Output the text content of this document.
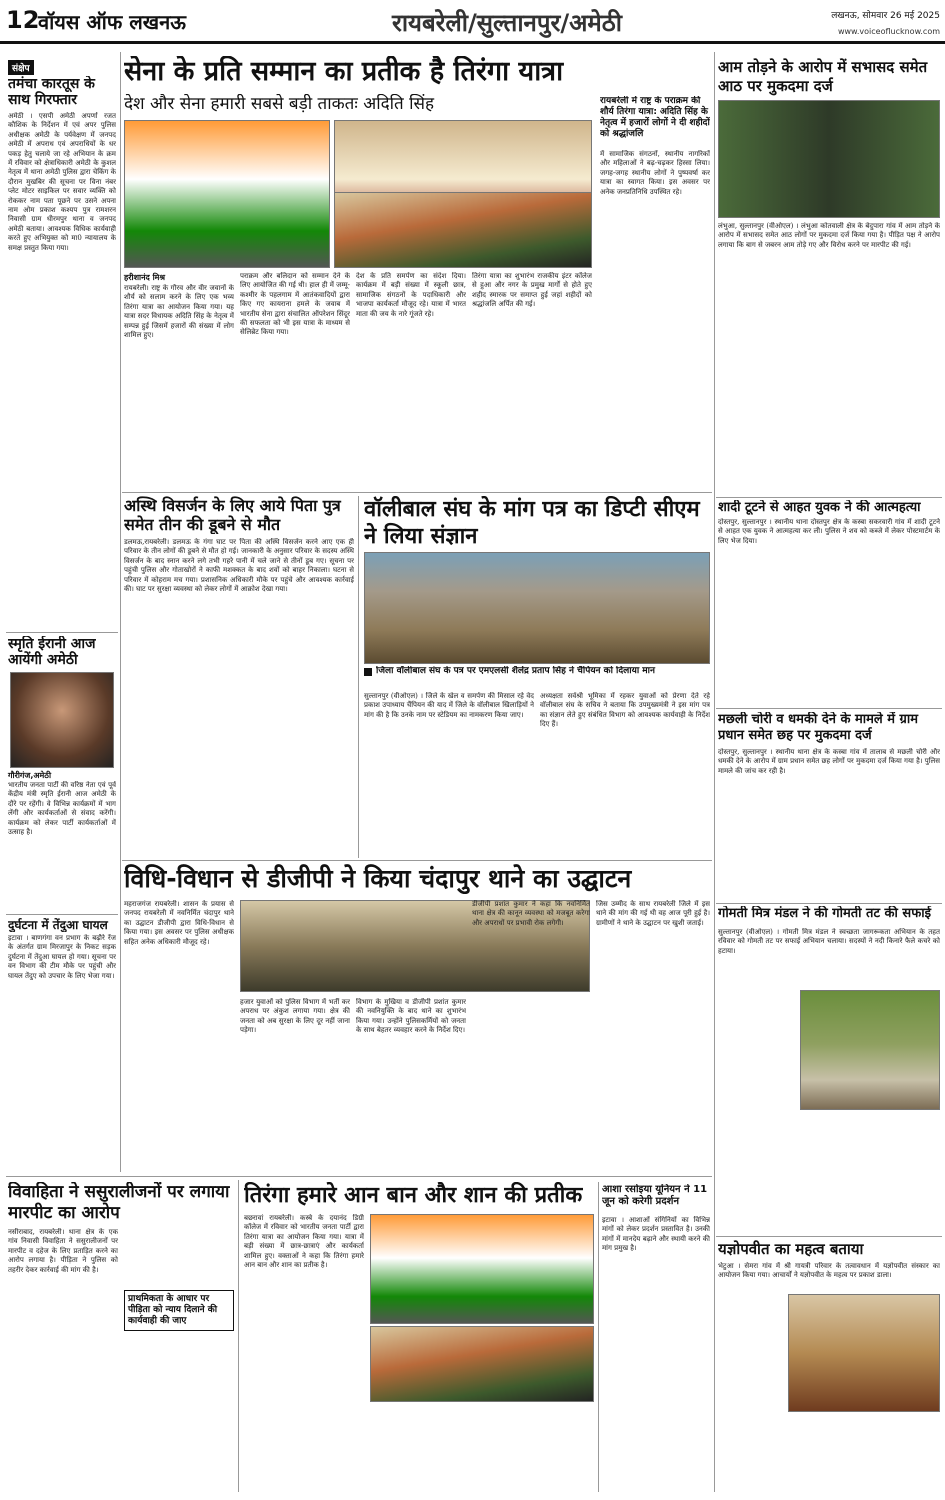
12
वॉयस ऑफ लखनऊ	रायबरेली/सुल्तानपुर/अमेठी	लखनऊ, सोमवार 26 मई 2025
www.voiceoflucknow.com
संक्षेप
तमंचा कारतूस के साथ गिरफ्तार
अमेठी । एसपी अमेठी अपर्णा रजत कौशिक के निर्देशन में एवं अपर पुलिस अधीक्षक अमेठी के पर्यवेक्षण में जनपद अमेठी में अपराध एवं अपराधियों के धर पकड़ हेतु चलाये जा रहे अभियान के क्रम में रविवार को क्षेत्राधिकारी अमेठी के कुशल नेतृत्व में थाना अमेठी पुलिस द्वारा चेकिंग के दौरान मुखबिर की सूचना पर विना नंबर प्लेट मोटर साइकिल पर सवार व्यक्ति को रोककर नाम पता पूछने पर उसने अपना नाम ओम प्रकाश कश्यप पुत्र रामशरन निवासी ग्राम धीरमपुर थाना व जनपद अमेठी बताया। आवश्यक विधिक कार्यवाही करते हुए अभियुक्त को मा0 न्यायालय के समक्ष प्रस्तुत किया गया।
स्मृति ईरानी आज आयेंगी अमेठी
गौरीगंज,अमेठी
भारतीय जनता पार्टी की वरिष्ठ नेता एवं पूर्व केंद्रीय मंत्री स्मृति ईरानी आज अमेठी के दौरे पर रहेंगी। वे विभिन्न कार्यक्रमों में भाग लेंगी और कार्यकर्ताओं से संवाद करेंगी। कार्यक्रम को लेकर पार्टी कार्यकर्ताओं में उत्साह है।
दुर्घटना में तेंदुआ घायल
इटावा । बाणगंगा वन प्रभाग के बढ़ौरे रेंज के अंतर्गत ग्राम मिरजापुर के निकट सड़क दुर्घटना में तेंदुआ घायल हो गया। सूचना पर वन विभाग की टीम मौके पर पहुंची और घायल तेंदुए को उपचार के लिए भेजा गया।
सेना के प्रति सम्मान का प्रतीक है तिरंगा यात्रा
देश और सेना हमारी सबसे बड़ी ताकतः अदिति सिंह	रायबरेली में राष्ट्र के पराक्रम की शौर्य तिरंगा यात्रा: अदिति सिंह के नेतृत्व में हजारों लोगों ने दी शहीदों को श्रद्धांजलि
हरीशानंद मिश्र
रायबरेली। राष्ट्र के गौरव और वीर जवानों के शौर्य को सलाम करने के लिए एक भव्य तिरंगा यात्रा का आयोजन किया गया। यह यात्रा सदर विधायक अदिति सिंह के नेतृत्व में सम्पन्न हुई जिसमें हजारों की संख्या में लोग शामिल हुए।
पराक्रम और बलिदान को सम्मान देने के लिए आयोजित की गई थी। हाल ही में जम्मू-कश्मीर के पहलगाम में आतंकवादियों द्वारा किए गए कायराना हमले के जवाब में भारतीय सेना द्वारा संचालित ऑपरेशन सिंदूर की सफलता को भी इस यात्रा के माध्यम से सेलिब्रेट किया गया।
देश के प्रति समर्पण का संदेश दिया। कार्यक्रम में बड़ी संख्या में स्कूली छात्र, सामाजिक संगठनों के पदाधिकारी और भाजपा कार्यकर्ता मौजूद रहे। यात्रा में भारत माता की जय के नारे गूंजते रहे।
तिरंगा यात्रा का शुभारंभ राजकीय इंटर कॉलेज से हुआ और नगर के प्रमुख मार्गों से होते हुए शहीद स्मारक पर समाप्त हुई जहां शहीदों को श्रद्धांजलि अर्पित की गई।
में सामाजिक संगठनों, स्थानीय नागरिकों और महिलाओं ने बढ़-चढ़कर हिस्सा लिया। जगह-जगह स्थानीय लोगों ने पुष्पवर्षा कर यात्रा का स्वागत किया। इस अवसर पर अनेक जनप्रतिनिधि उपस्थित रहे।
अस्थि विसर्जन के लिए आये पिता पुत्र समेत तीन की डूबने से मौत
डलमऊ,रायबरेली। डलमऊ के गंगा घाट पर पिता की अस्थि विसर्जन करने आए एक ही परिवार के तीन लोगों की डूबने से मौत हो गई। जानकारी के अनुसार परिवार के सदस्य अस्थि विसर्जन के बाद स्नान करने लगे तभी गहरे पानी में चले जाने से तीनों डूब गए। सूचना पर पहुंची पुलिस और गोताखोरों ने काफी मशक्कत के बाद शवों को बाहर निकाला। घटना से परिवार में कोहराम मच गया। प्रशासनिक अधिकारी मौके पर पहुंचे और आवश्यक कार्रवाई की। घाट पर सुरक्षा व्यवस्था को लेकर लोगों में आक्रोश देखा गया।
वॉलीबाल संघ के मांग पत्र का डिप्टी सीएम ने लिया संज्ञान
जिला वॉलीबाल संघ के पत्र पर एमएलसी शैलेंद्र प्रताप सिंह ने चैंपियन को दिलाया मान
सुल्तानपुर (वीओएल) । जिले के खेल व समर्पण की मिसाल रहे वेद प्रकाश उपाध्याय चैंपियन की याद में जिले के वॉलीबाल खिलाड़ियों ने मांग की है कि उनके नाम पर स्टेडियम का नामकरण किया जाए।
अध्यक्षता सर्वश्री भूमिका में रहकर युवाओं को प्रेरणा देते रहे वॉलीबाल संघ के सचिव ने बताया कि उपमुख्यमंत्री ने इस मांग पत्र का संज्ञान लेते हुए संबंधित विभाग को आवश्यक कार्यवाही के निर्देश दिए हैं।
विधि-विधान से डीजीपी ने किया चंदापुर थाने का उद्घाटन
महराजगंज रायबरेली। शासन के प्रयास से जनपद रायबरेली में नवनिर्मित चंदापुर थाने का उद्घाटन डीजीपी द्वारा विधि-विधान से किया गया। इस अवसर पर पुलिस अधीक्षक सहित अनेक अधिकारी मौजूद रहे।
हजार युवाओं को पुलिस विभाग में भर्ती कर अपराध पर अंकुश लगाया गया। क्षेत्र की जनता को अब सुरक्षा के लिए दूर नहीं जाना पड़ेगा।
विभाग के मुखिया व डीजीपी प्रशांत कुमार की नवनियुक्ति के बाद थाने का शुभारंभ किया गया। उन्होंने पुलिसकर्मियों को जनता के साथ बेहतर व्यवहार करने के निर्देश दिए।
डीजीपी प्रशांत कुमार ने कहा कि नवनिर्मित थाना क्षेत्र की कानून व्यवस्था को मजबूत करेगा और अपराधों पर प्रभावी रोक लगेगी।
जिस उम्मीद के साथ रायबरेली जिले में इस थाने की मांग की गई थी वह आज पूरी हुई है। ग्रामीणों ने थाने के उद्घाटन पर खुशी जताई।
विवाहिता ने ससुरालीजनों पर लगाया मारपीट का आरोप
नसीराबाद, रायबरेली। थाना क्षेत्र के एक गांव निवासी विवाहिता ने ससुरालीजनों पर मारपीट व दहेज के लिए प्रताड़ित करने का आरोप लगाया है। पीड़िता ने पुलिस को तहरीर देकर कार्रवाई की मांग की है।
प्राथमिकता के आधार पर पीड़िता को न्याय दिलाने की कार्यवाही की जाए
तिरंगा हमारे आन बान और शान की प्रतीक
बछरावां रायबरेली। कस्बे के दयानंद डिग्री कॉलेज में रविवार को भारतीय जनता पार्टी द्वारा तिरंगा यात्रा का आयोजन किया गया। यात्रा में बड़ी संख्या में छात्र-छात्राएं और कार्यकर्ता शामिल हुए। वक्ताओं ने कहा कि तिरंगा हमारे आन बान और शान का प्रतीक है।
आशा रसोइया यूनियन ने 11 जून को करेगी प्रदर्शन
इटावा । आशाओं संगिनियों का विभिन्न मांगों को लेकर प्रदर्शन प्रस्तावित है। उनकी मांगों में मानदेय बढ़ाने और स्थायी करने की मांग प्रमुख है।
आम तोड़ने के आरोप में सभासद समेत आठ पर मुकदमा दर्ज
लंभुआ, सुल्तानपुर (वीओएल) । लंभुआ कोतवाली क्षेत्र के बेदुपारा गांव में आम तोड़ने के आरोप में सभासद समेत आठ लोगों पर मुकदमा दर्ज किया गया है। पीड़ित पक्ष ने आरोप लगाया कि बाग से जबरन आम तोड़े गए और विरोध करने पर मारपीट की गई।
शादी टूटने से आहत युवक ने की आत्महत्या
दोस्तपुर, सुल्तानपुर । स्थानीय थाना दोस्तपुर क्षेत्र के कस्बा सकरवारी गांव में शादी टूटने से आहत एक युवक ने आत्महत्या कर ली। पुलिस ने शव को कब्जे में लेकर पोस्टमार्टम के लिए भेज दिया।
मछली चोरी व धमकी देने के मामले में ग्राम प्रधान समेत छह पर मुकदमा दर्ज
दोस्तपुर, सुल्तानपुर । स्थानीय थाना क्षेत्र के कस्बा गांव में तालाब से मछली चोरी और धमकी देने के आरोप में ग्राम प्रधान समेत छह लोगों पर मुकदमा दर्ज किया गया है। पुलिस मामले की जांच कर रही है।
गोमती मित्र मंडल ने की गोमती तट की सफाई
सुल्तानपुर (वीओएल) । गोमती मित्र मंडल ने स्वच्छता जागरूकता अभियान के तहत रविवार को गोमती तट पर सफाई अभियान चलाया। सदस्यों ने नदी किनारे फैले कचरे को हटाया।
यज्ञोपवीत का महत्व बताया
भेटुआ । सेमरा गांव में श्री गायत्री परिवार के तत्वावधान में यज्ञोपवीत संस्कार का आयोजन किया गया। आचार्यों ने यज्ञोपवीत के महत्व पर प्रकाश डाला।
